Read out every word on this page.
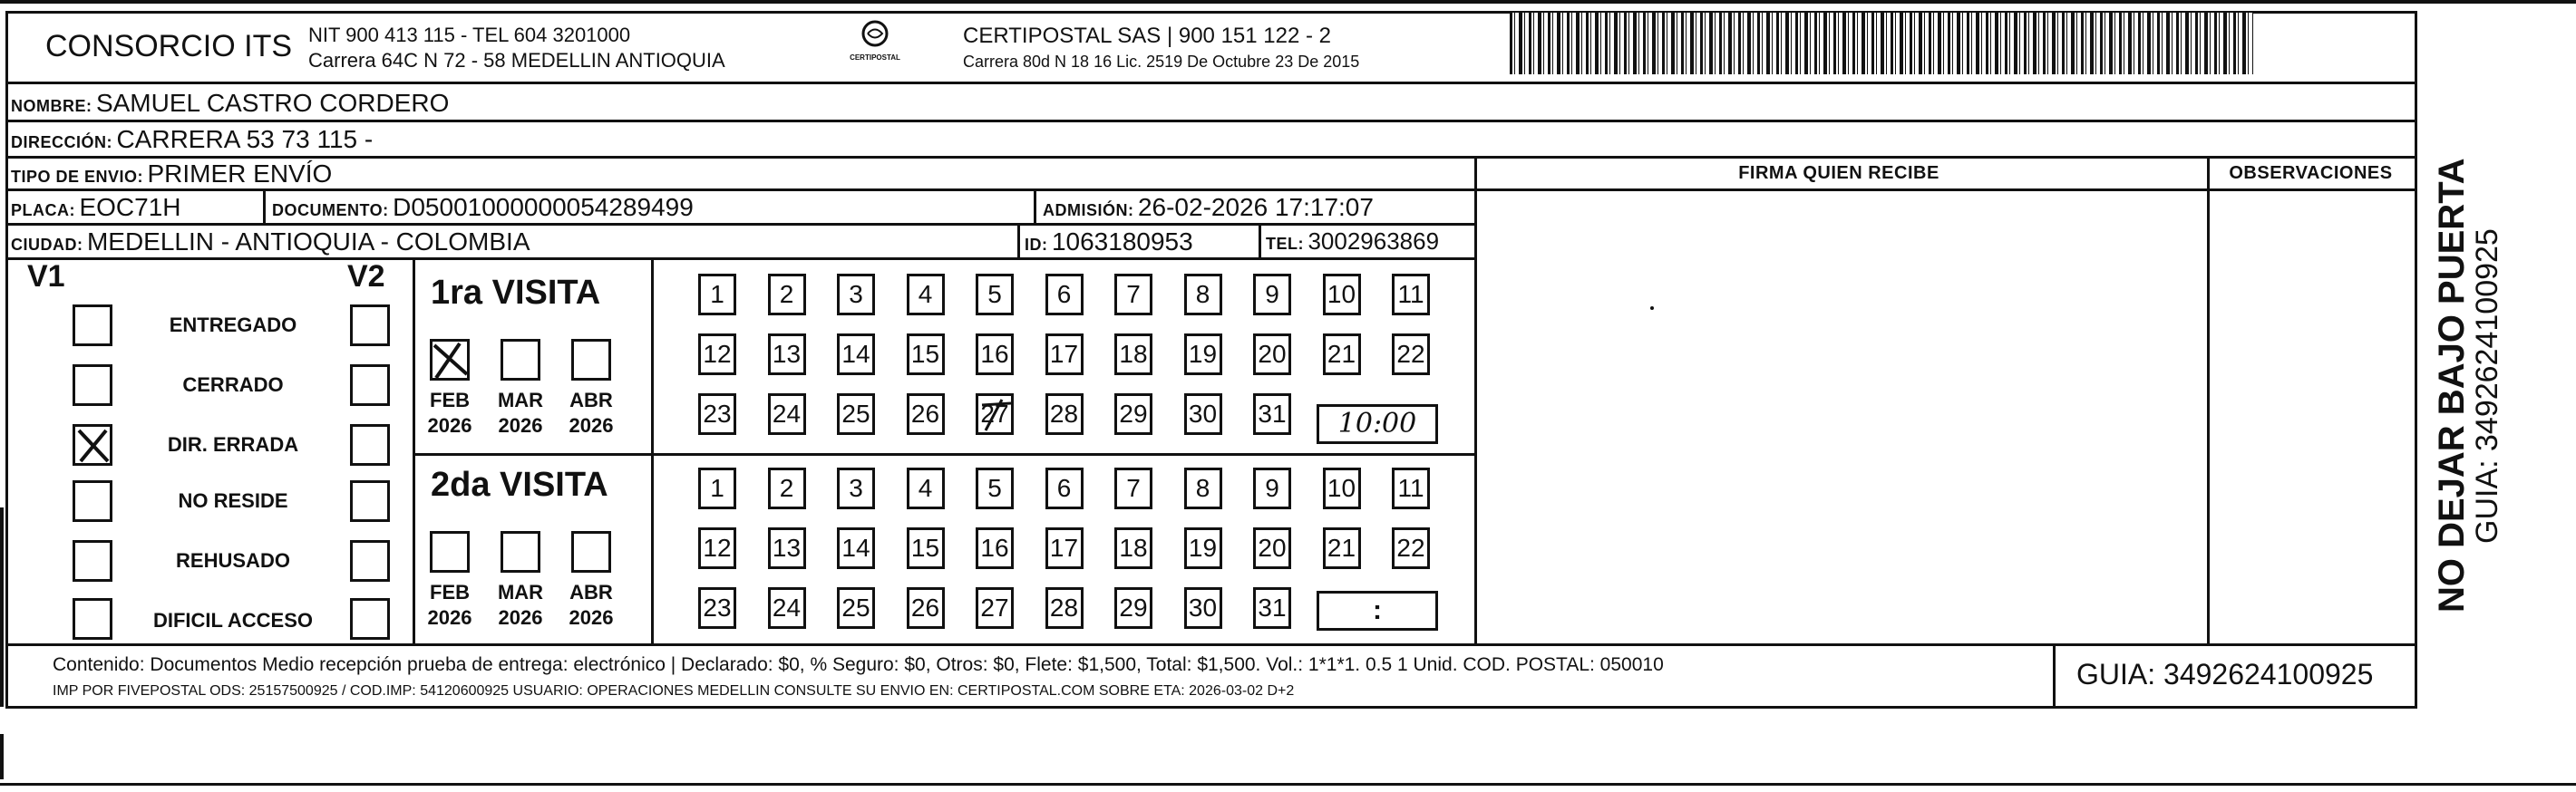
CONSORCIO ITS NIT 900 413 115 - TEL 604 3201000
Carrera 64C N 72 - 58 MEDELLIN ANTIOQUIA	CERTIPOSTAL
CERTIPOSTAL SAS | 900 151 122 - 2
Carrera 80d N 18 16 Lic. 2519 De Octubre 23 De 2015
NOMBRE: SAMUEL CASTRO CORDERO
DIRECCIÓN: CARRERA 53 73 115 -
TIPO DE ENVIO: PRIMER ENVÍO	FIRMA QUIEN RECIBE	OBSERVACIONES
PLACA: EOC71H	DOCUMENTO: D05001000000054289499	ADMISIÓN: 26-02-2026 17:17:07
CIUDAD: MEDELLIN - ANTIOQUIA - COLOMBIA	ID: 1063180953	TEL: 3002963869
V1	V2
ENTREGADO
CERRADO
DIR. ERRADA
NO RESIDE
REHUSADO
DIFICIL ACCESO
1ra VISITA
FEB
2026
MAR
2026
ABR
2026
2da VISITA
FEB
2026
MAR
2026
ABR
2026
1	2	3	4	5	6	7	8	9	10 11
12 13 14 15 16 17 18 19 20 21 22
23 24 25 26 27 28 29 30 31
1	2	3	4	5	6	7	8	9	10 11
12 13 14 15 16 17 18 19 20 21 22
23 24 25 26 27 28 29 30 31
10:00
:
Contenido: Documentos Medio recepción prueba de entrega: electrónico | Declarado: $0, % Seguro: $0, Otros: $0, Flete: $1,500, Total: $1,500. Vol.: 1*1*1. 0.5 1 Unid. COD. POSTAL: 050010
IMP POR FIVEPOSTAL ODS: 25157500925 / COD.IMP: 54120600925 USUARIO: OPERACIONES MEDELLIN CONSULTE SU ENVIO EN: CERTIPOSTAL.COM SOBRE ETA: 2026-03-02 D+2
GUIA: 3492624100925
NO DEJAR BAJO PUERTA
GUIA: 3492624100925
